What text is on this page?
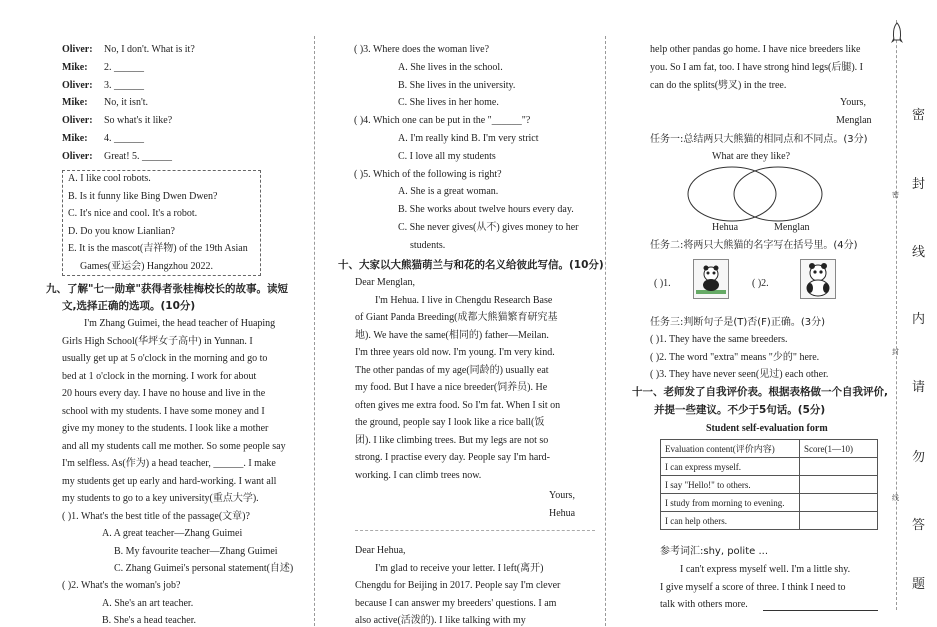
Oliver: No, I don't. What is it?
Mike: 2. ______
Oliver: 3. ______
Mike: No, it isn't.
Oliver: So what's it like?
Mike: 4. ______
Oliver: Great! 5. ______
A. I like cool robots.
B. Is it funny like Bing Dwen Dwen?
C. It's nice and cool. It's a robot.
D. Do you know Lianlian?
E. It is the mascot(吉祥物) of the 19th Asian
Games(亚运会) Hangzhou 2022.
九、了解"七一勋章"获得者张桂梅校长的故事。读短
文,选择正确的选项。(10分)
I'm Zhang Guimei, the head teacher of Huaping
Girls High School(华坪女子高中) in Yunnan. I
usually get up at 5 o'clock in the morning and go to
bed at 1 o'clock in the morning. I work for about
20 hours every day. I have no house and live in the
school with my students. I have some money and I
give my money to the students. I look like a mother
and all my students call me mother. So some people say
I'm selfless. As(作为) a head teacher, ______. I make
my students get up early and hard-working. I want all
my students to go to a key university(重点大学).
( )1. What's the best title of the passage(文章)?
A. A great teacher—Zhang Guimei
B. My favourite teacher—Zhang Guimei
C. Zhang Guimei's personal statement(自述)
( )2. What's the woman's job?
A. She's an art teacher.
B. She's a head teacher.
( )3. Where does the woman live?
A. She lives in the school.
B. She lives in the university.
C. She lives in her home.
( )4. Which one can be put in the "______"?
A. I'm really kind B. I'm very strict
C. I love all my students
( )5. Which of the following is right?
A. She is a great woman.
B. She works about twelve hours every day.
C. She never gives(从不) gives money to her
students.
十、大家以大熊猫萌兰与和花的名义给彼此写信。(10分)
Dear Menglan,
I'm Hehua. I live in Chengdu Research Base
of Giant Panda Breeding(成都大熊猫繁育研究基
地). We have the same(相同的) father—Meilan.
I'm three years old now. I'm young. I'm very kind.
The other pandas of my age(同龄的) usually eat
my food. But I have a nice breeder(饲养员). He
often gives me extra food. So I'm fat. When I sit on
the ground, people say I look like a rice ball(饭
团). I like climbing trees. But my legs are not so
strong. I practise every day. People say I'm hard-
working. I can climb trees now.
Yours,
Hehua
Dear Hehua,
I'm glad to receive your letter. I left(离开)
Chengdu for Beijing in 2017. People say I'm clever
because I can answer my breeders' questions. I am
also active(活泼的). I like talking with my
help other pandas go home. I have nice breeders like
you. So I am fat, too. I have strong hind legs(后腿). I
can do the splits(劈叉) in the tree.
Yours,
Menglan
任务一:总结两只大熊猫的相同点和不同点。(3分)
What are they like?
Hehua	Menglan
任务二:将两只大熊猫的名字写在括号里。(4分)
( )1.	( )2.
任务三:判断句子是(T)否(F)正确。(3分)
( )1. They have the same breeders.
( )2. The word "extra" means "少的" here.
( )3. They have never seen(见过) each other.
十一、老师发了自我评价表。根据表格做一个自我评价,
并提一些建议。不少于5句话。(5分)
Student self-evaluation form
Evaluation content(评价内容)	Score(1—10)
I can express myself.	
I say "Hello!" to others.	
I study from morning to evening.	
I can help others.	
参考词汇:shy, polite ...
I can't express myself well. I'm a little shy.
I give myself a score of three. I think I need to
talk with others more.
密
封
线
内
请
勿
答
题
密
封
线
